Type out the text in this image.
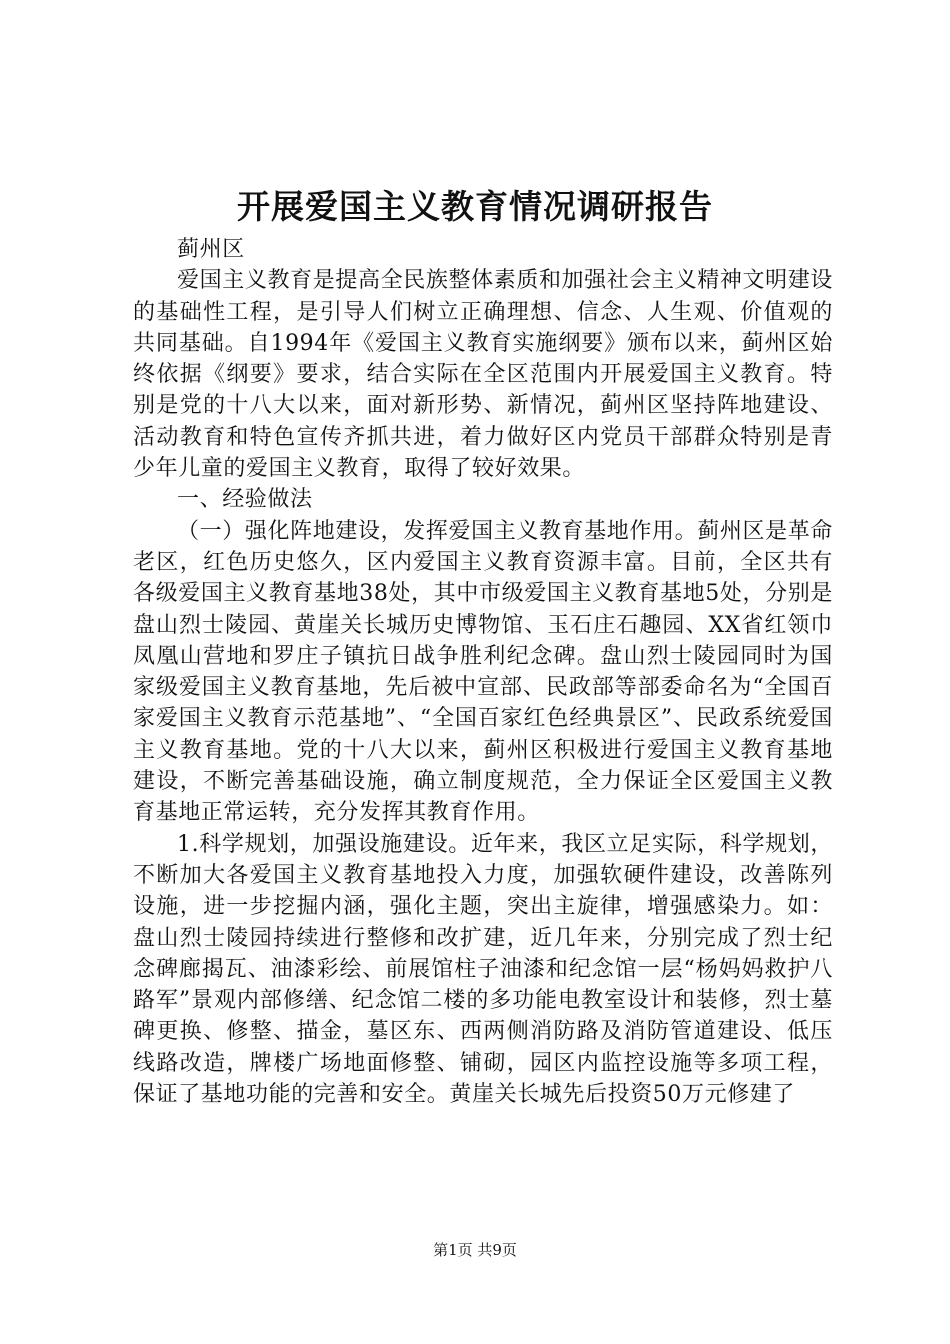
开展爱国主义教育情况调研报告

蓟州区

爱国主义教育是提高全民族整体素质和加强社会主义精神文明建设的基础性工程，是引导人们树立正确理想、信念、人生观、价值观的共同基础。自1994年《爱国主义教育实施纲要》颁布以来，蓟州区始终依据《纲要》要求，结合实际在全区范围内开展爱国主义教育。特别是党的十八大以来，面对新形势、新情况，蓟州区坚持阵地建设、活动教育和特色宣传齐抓共进，着力做好区内党员干部群众特别是青少年儿童的爱国主义教育，取得了较好效果。

一、经验做法

（一）强化阵地建设，发挥爱国主义教育基地作用。蓟州区是革命老区，红色历史悠久，区内爱国主义教育资源丰富。目前，全区共有各级爱国主义教育基地38处，其中市级爱国主义教育基地5处，分别是盘山烈士陵园、黄崖关长城历史博物馆、玉石庄石趣园、XX省红领巾凤凰山营地和罗庄子镇抗日战争胜利纪念碑。盘山烈士陵园同时为国家级爱国主义教育基地，先后被中宣部、民政部等部委命名为“全国百家爱国主义教育示范基地”、“全国百家红色经典景区”、民政系统爱国主义教育基地。党的十八大以来，蓟州区积极进行爱国主义教育基地建设，不断完善基础设施，确立制度规范，全力保证全区爱国主义教育基地正常运转，充分发挥其教育作用。

1.科学规划，加强设施建设。近年来，我区立足实际，科学规划，不断加大各爱国主义教育基地投入力度，加强软硬件建设，改善陈列设施，进一步挖掘内涵，强化主题，突出主旋律，增强感染力。如：盘山烈士陵园持续进行整修和改扩建，近几年来，分别完成了烈士纪念碑廊揭瓦、油漆彩绘、前展馆柱子油漆和纪念馆一层“杨妈妈救护八路军”景观内部修缮、纪念馆二楼的多功能电教室设计和装修，烈士墓碑更换、修整、描金，墓区东、西两侧消防路及消防管道建设、低压线路改造，牌楼广场地面修整、铺砌，园区内监控设施等多项工程，保证了基地功能的完善和安全。黄崖关长城先后投资50万元修建了

第1页 共9页
